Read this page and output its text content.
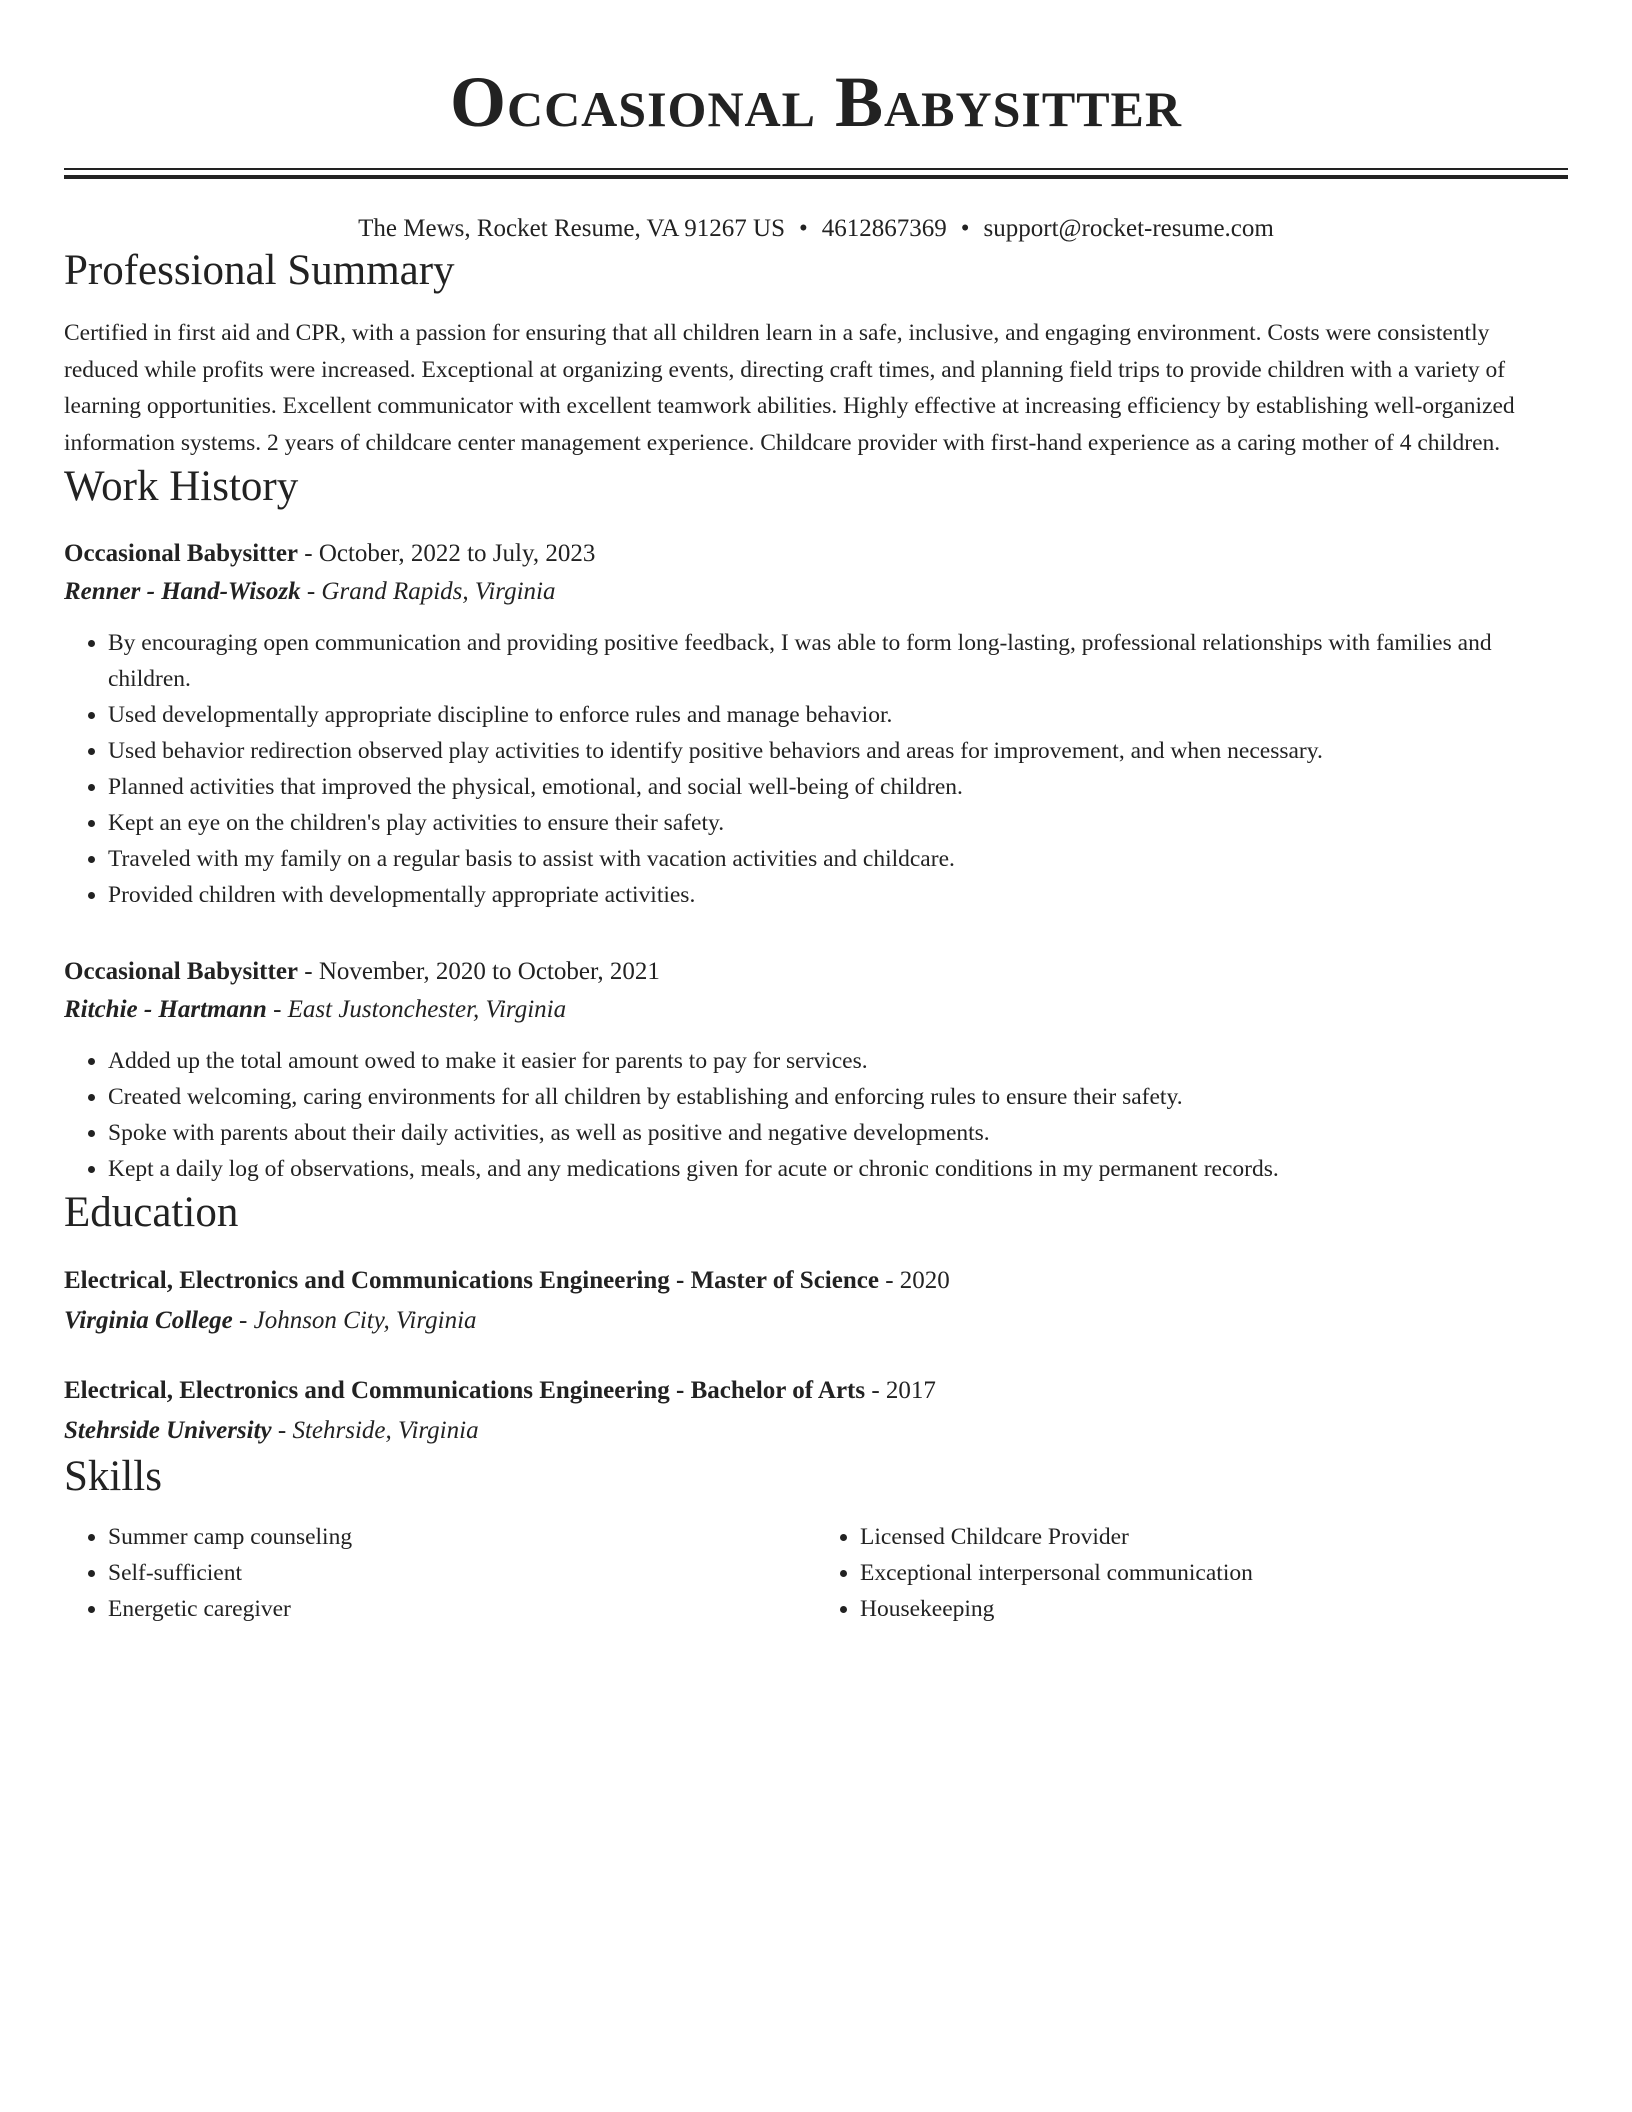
Occasional Babysitter
The Mews, Rocket Resume, VA 91267 US • 4612867369 • support@rocket-resume.com
Professional Summary

Certified in first aid and CPR, with a passion for ensuring that all children learn in a safe, inclusive, and engaging environment. Costs were consistently reduced while profits were increased. Exceptional at organizing events, directing craft times, and planning field trips to provide children with a variety of learning opportunities. Excellent communicator with excellent teamwork abilities. Highly effective at increasing efficiency by establishing well-organized information systems. 2 years of childcare center management experience. Childcare provider with first-hand experience as a caring mother of 4 children.

Work History
Occasional Babysitter - October, 2022 to July, 2023
Renner - Hand-Wisozk - Grand Rapids, Virginia
• By encouraging open communication and providing positive feedback, I was able to form long-lasting, professional relationships with families and children.
• Used developmentally appropriate discipline to enforce rules and manage behavior.
• Used behavior redirection observed play activities to identify positive behaviors and areas for improvement, and when necessary.
• Planned activities that improved the physical, emotional, and social well-being of children.
• Kept an eye on the children's play activities to ensure their safety.
• Traveled with my family on a regular basis to assist with vacation activities and childcare.
• Provided children with developmentally appropriate activities.
Occasional Babysitter - November, 2020 to October, 2021
Ritchie - Hartmann - East Justonchester, Virginia
• Added up the total amount owed to make it easier for parents to pay for services.
• Created welcoming, caring environments for all children by establishing and enforcing rules to ensure their safety.
• Spoke with parents about their daily activities, as well as positive and negative developments.
• Kept a daily log of observations, meals, and any medications given for acute or chronic conditions in my permanent records.
Education
Electrical, Electronics and Communications Engineering - Master of Science - 2020
Virginia College - Johnson City, Virginia
Electrical, Electronics and Communications Engineering - Bachelor of Arts - 2017
Stehrside University - Stehrside, Virginia
Skills
• Summer camp counseling
• Self-sufficient
• Energetic caregiver
• Licensed Childcare Provider
• Exceptional interpersonal communication
• Housekeeping
